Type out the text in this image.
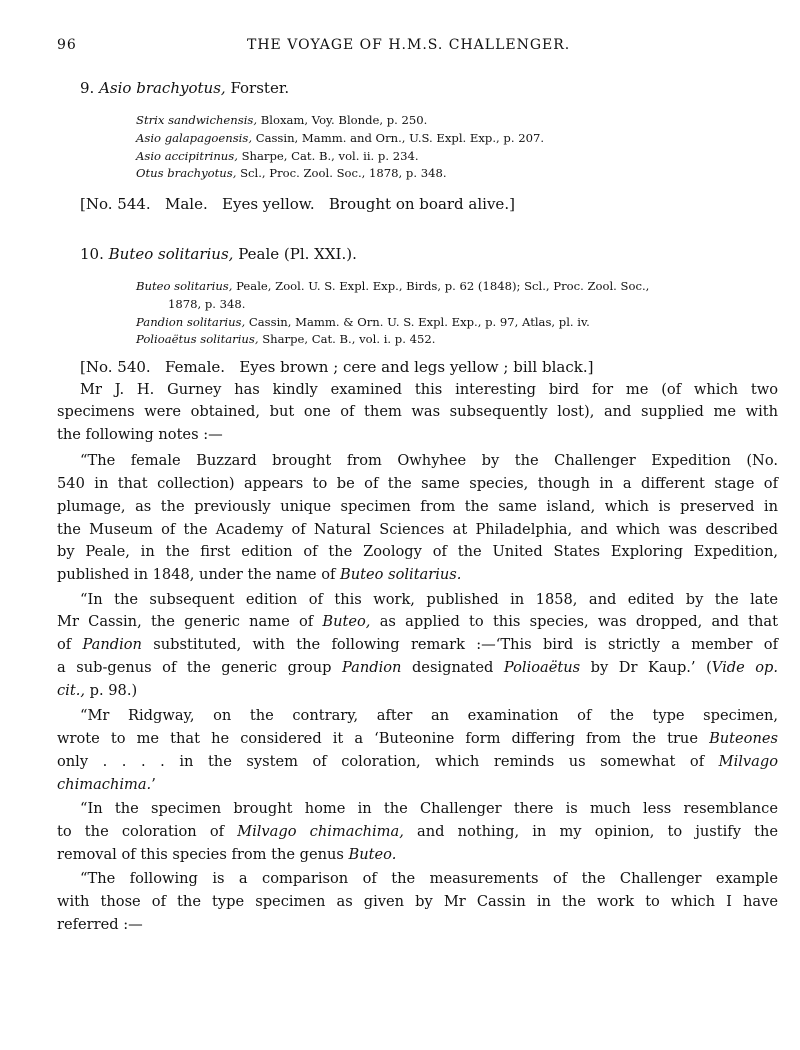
96	THE VOYAGE OF H.M.S. CHALLENGER.
9. Asio brachyotus, Forster.
Strix sandwichensis, Bloxam, Voy. Blonde, p. 250.
Asio galapagoensis, Cassin, Mamm. and Orn., U.S. Expl. Exp., p. 207.
Asio accipitrinus, Sharpe, Cat. B., vol. ii. p. 234.
Otus brachyotus, Scl., Proc. Zool. Soc., 1878, p. 348.
[No. 544.   Male.   Eyes yellow.   Brought on board alive.]
10. Buteo solitarius, Peale (Pl. XXI.).
Buteo solitarius, Peale, Zool. U. S. Expl. Exp., Birds, p. 62 (1848); Scl., Proc. Zool. Soc.,
1878, p. 348.
Pandion solitarius, Cassin, Mamm. & Orn. U. S. Expl. Exp., p. 97, Atlas, pl. iv.
Polioaëtus solitarius, Sharpe, Cat. B., vol. i. p. 452.
[No. 540.   Female.   Eyes brown ; cere and legs yellow ; bill black.]
Mr J. H. Gurney has kindly examined this interesting bird for me (of which two
specimens were obtained, but one of them was subsequently lost), and supplied me with
the following notes :—
“The female Buzzard brought from Owhyhee by the Challenger Expedition (No.
540 in that collection) appears to be of the same species, though in a different stage of
plumage, as the previously unique specimen from the same island, which is preserved in
the Museum of the Academy of Natural Sciences at Philadelphia, and which was described
by Peale, in the first edition of the Zoology of the United States Exploring Expedition,
published in 1848, under the name of Buteo solitarius.
“In the subsequent edition of this work, published in 1858, and edited by the late
Mr Cassin, the generic name of Buteo, as applied to this species, was dropped, and that
of Pandion substituted, with the following remark :—‘This bird is strictly a member of
a sub-genus of the generic group Pandion designated Polioaëtus by Dr Kaup.’ (Vide op.
cit., p. 98.)
“Mr Ridgway, on the contrary, after an examination of the type specimen,
wrote to me that he considered it a ‘Buteonine form differing from the true Buteones
only . . . . in the system of coloration, which reminds us somewhat of Milvago
chimachima.’
“In the specimen brought home in the Challenger there is much less resemblance
to the coloration of Milvago chimachima, and nothing, in my opinion, to justify the
removal of this species from the genus Buteo.
“The following is a comparison of the measurements of the Challenger example
with those of the type specimen as given by Mr Cassin in the work to which I have
referred :—
